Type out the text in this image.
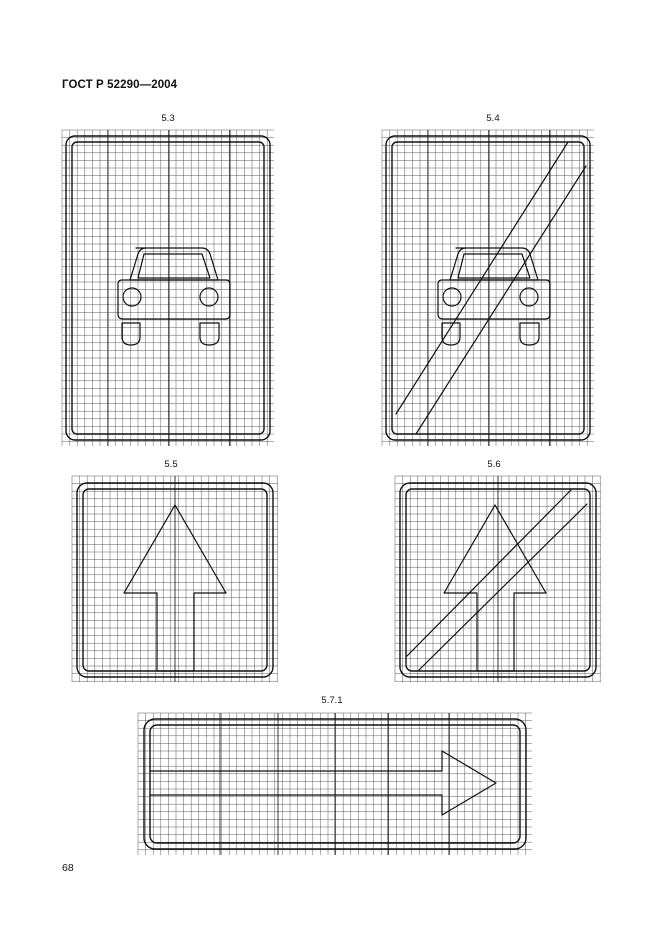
ГОСТ Р 52290—2004
5.3	5.4
5.5	5.6
5.7.1
68
